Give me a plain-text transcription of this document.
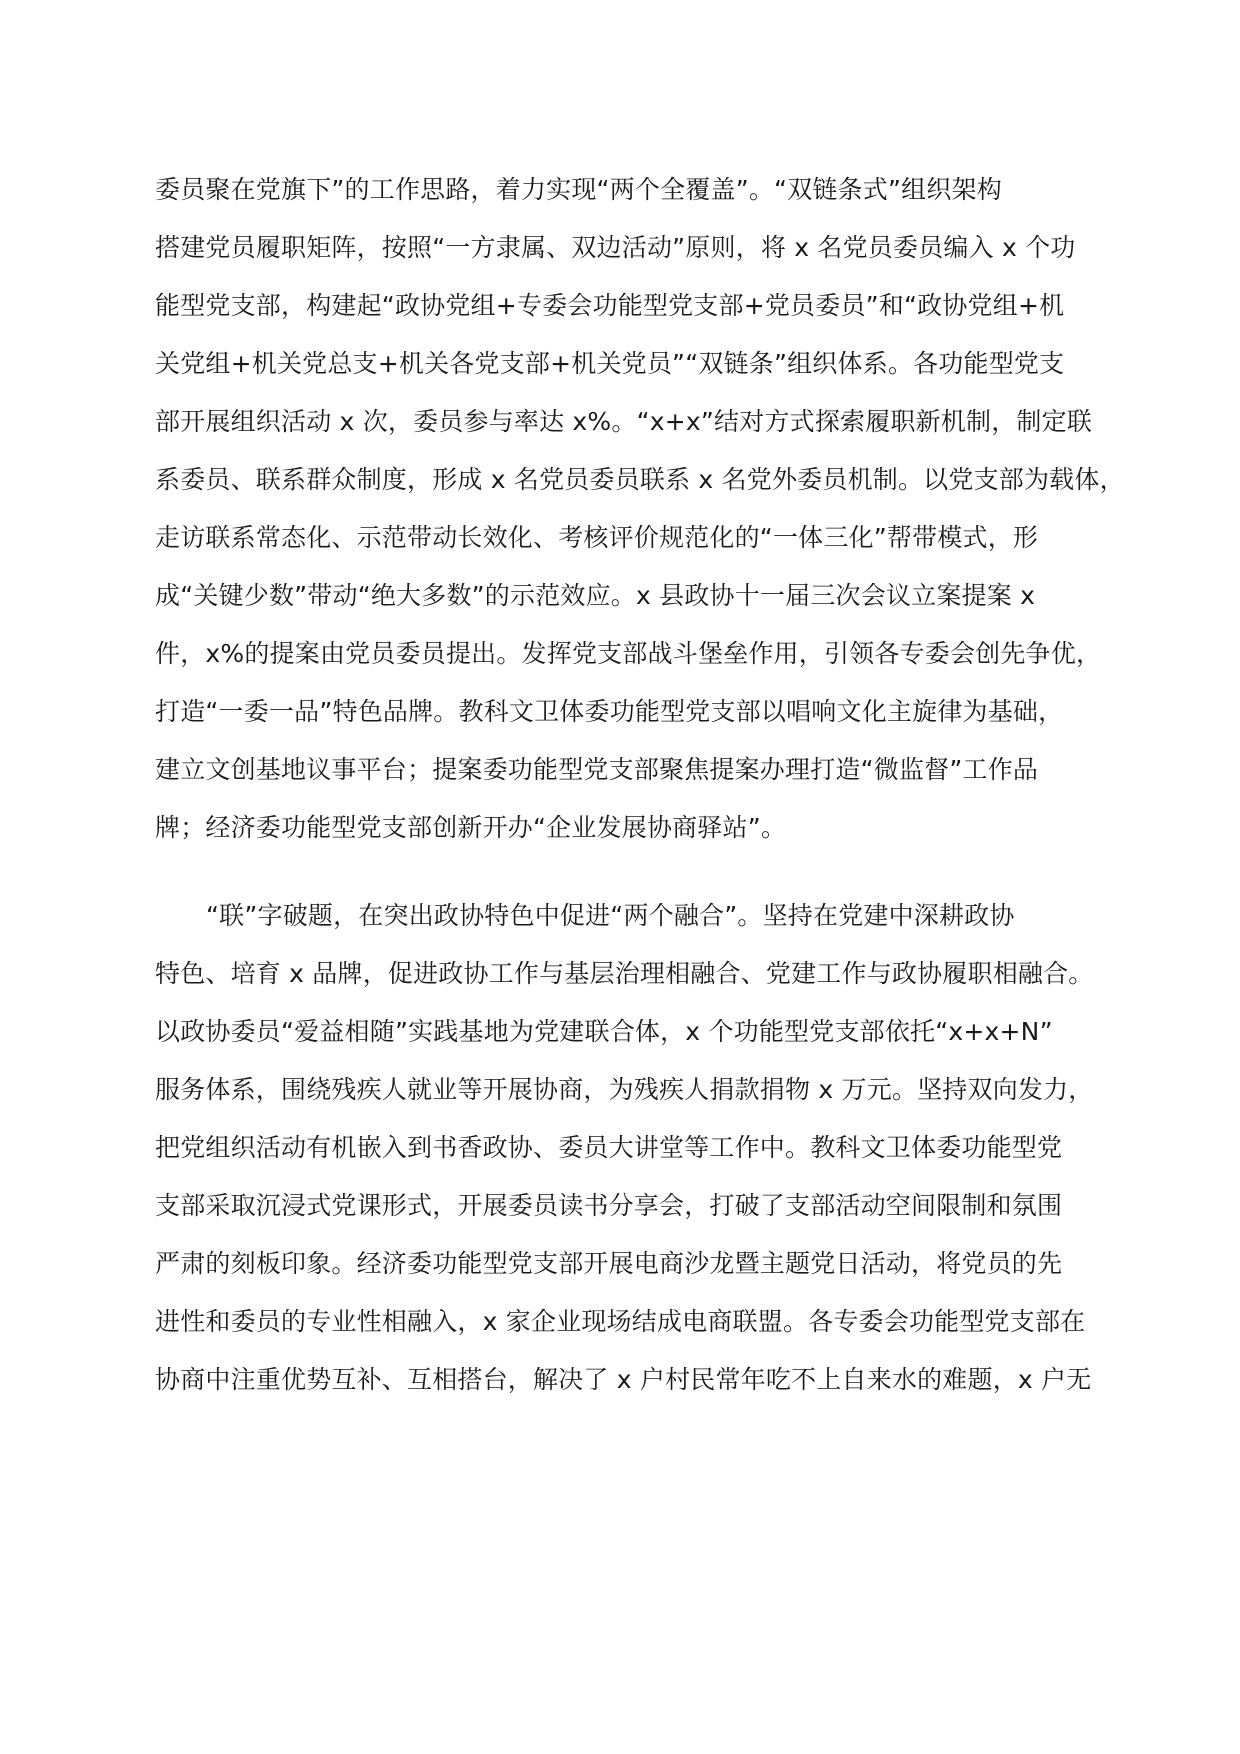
委员聚在党旗下”的工作思路，着力实现“两个全覆盖”。“双链条式”组织架构
搭建党员履职矩阵，按照“一方隶属、双边活动”原则，将 x 名党员委员编入 x 个功
能型党支部，构建起“政协党组+专委会功能型党支部+党员委员”和“政协党组+机
关党组+机关党总支+机关各党支部+机关党员”“双链条”组织体系。各功能型党支
部开展组织活动 x 次，委员参与率达 x%。“x+x”结对方式探索履职新机制，制定联
系委员、联系群众制度，形成 x 名党员委员联系 x 名党外委员机制。以党支部为载体，
走访联系常态化、示范带动长效化、考核评价规范化的“一体三化”帮带模式，形
成“关键少数”带动“绝大多数”的示范效应。x 县政协十一届三次会议立案提案 x
件，x%的提案由党员委员提出。发挥党支部战斗堡垒作用，引领各专委会创先争优，
打造“一委一品”特色品牌。教科文卫体委功能型党支部以唱响文化主旋律为基础，
建立文创基地议事平台；提案委功能型党支部聚焦提案办理打造“微监督”工作品
牌；经济委功能型党支部创新开办“企业发展协商驿站”。
“联”字破题，在突出政协特色中促进“两个融合”。坚持在党建中深耕政协
特色、培育 x 品牌，促进政协工作与基层治理相融合、党建工作与政协履职相融合。
以政协委员“爱益相随”实践基地为党建联合体，x 个功能型党支部依托“x+x+N”
服务体系，围绕残疾人就业等开展协商，为残疾人捐款捐物 x 万元。坚持双向发力，
把党组织活动有机嵌入到书香政协、委员大讲堂等工作中。教科文卫体委功能型党
支部采取沉浸式党课形式，开展委员读书分享会，打破了支部活动空间限制和氛围
严肃的刻板印象。经济委功能型党支部开展电商沙龙暨主题党日活动，将党员的先
进性和委员的专业性相融入，x 家企业现场结成电商联盟。各专委会功能型党支部在
协商中注重优势互补、互相搭台，解决了 x 户村民常年吃不上自来水的难题，x 户无
